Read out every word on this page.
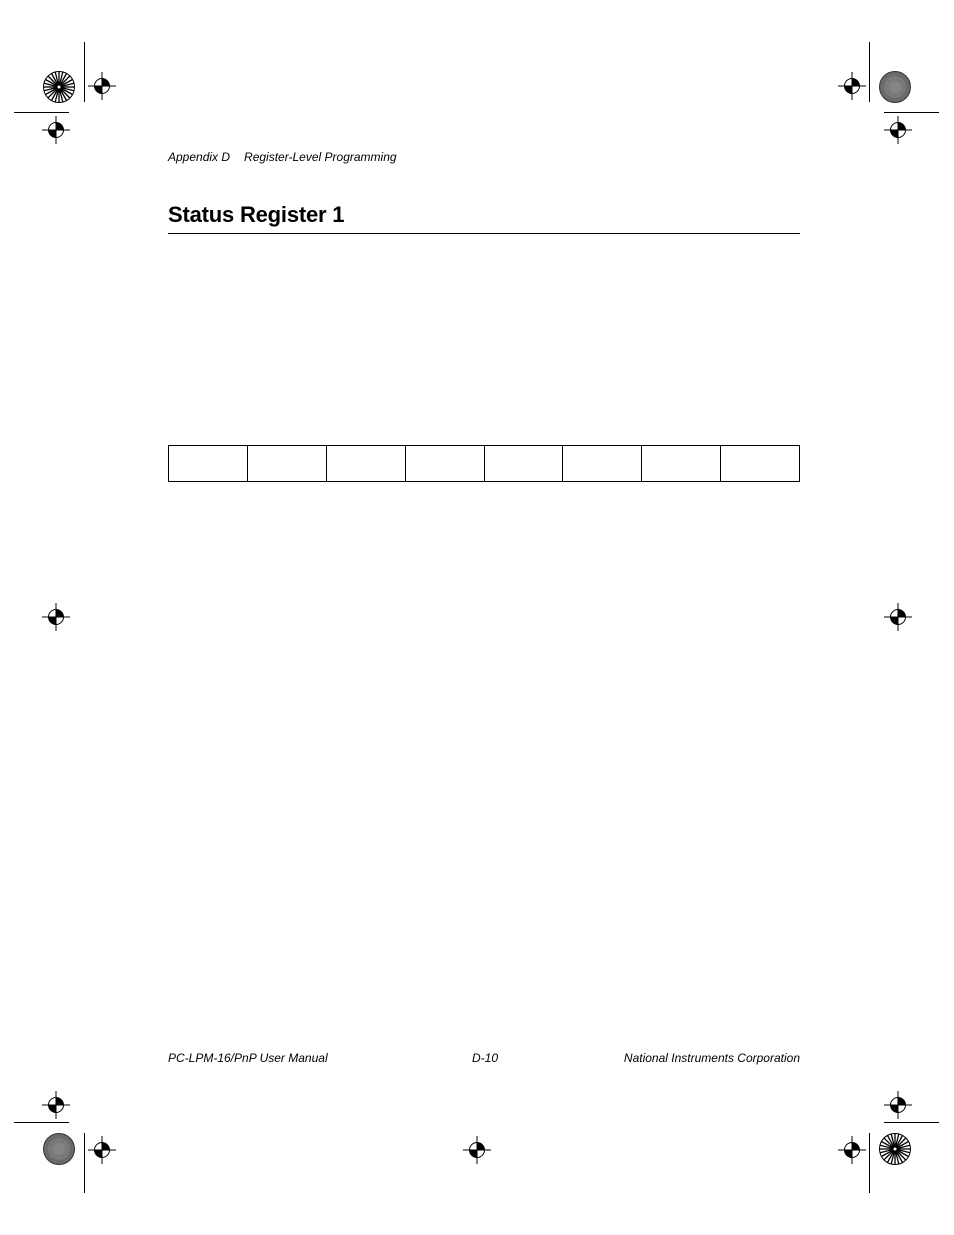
Appendix D Register-Level Programming
Status Register 1

PC-LPM-16/PnP User Manual	D-10	National Instruments Corporation
